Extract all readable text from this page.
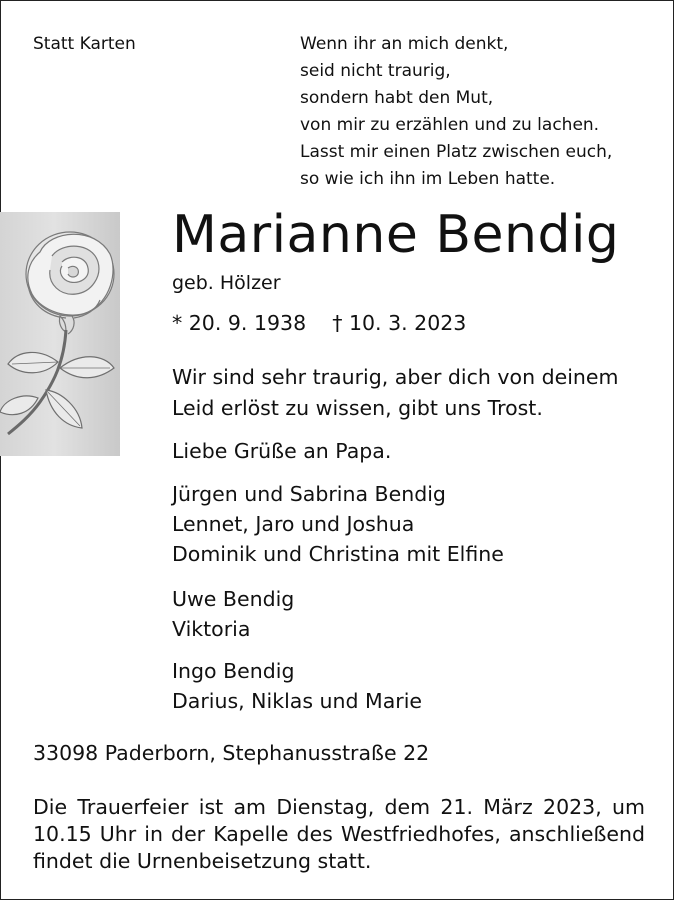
Statt Karten	Wenn ihr an mich denkt,
seid nicht traurig,
sondern habt den Mut,
von mir zu erzählen und zu lachen.
Lasst mir einen Platz zwischen euch,
so wie ich ihn im Leben hatte.
Marianne Bendig
geb. Hölzer
* 20. 9. 1938    † 10. 3. 2023
Wir sind sehr traurig, aber dich von deinem
Leid erlöst zu wissen, gibt uns Trost.
Liebe Grüße an Papa.
Jürgen und Sabrina Bendig
Lennet, Jaro und Joshua
Dominik und Christina mit Elfine
Uwe Bendig
Viktoria
Ingo Bendig
Darius, Niklas und Marie
33098 Paderborn, Stephanusstraße 22
Die Trauerfeier ist am Dienstag, dem 21. März 2023, um 10.15 Uhr in der Kapelle des Westfriedhofes, anschließend findet die Urnenbeisetzung statt.
